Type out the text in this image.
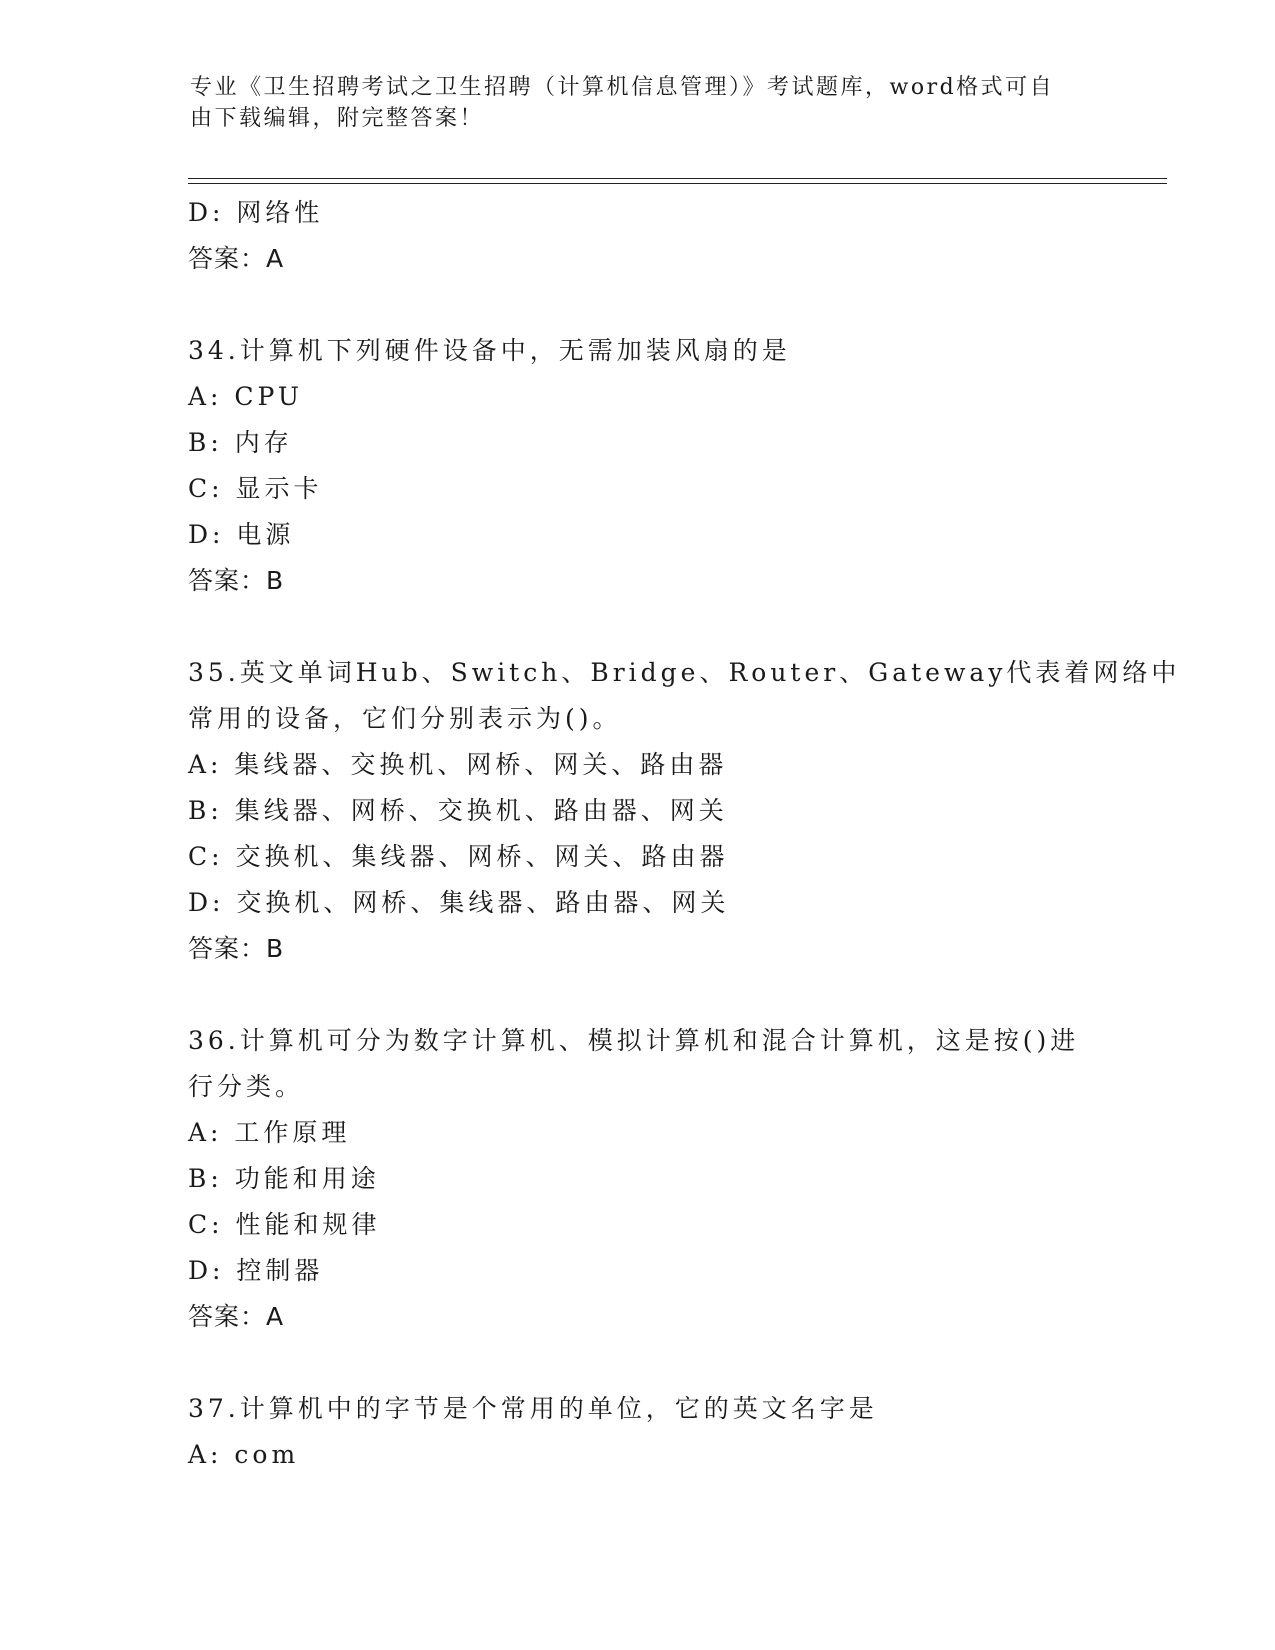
专业《卫生招聘考试之卫生招聘（计算机信息管理）》考试题库，word格式可自
由下载编辑，附完整答案！
D: 网络性
答案：A
34.计算机下列硬件设备中，无需加装风扇的是
A: CPU
B: 内存
C: 显示卡
D: 电源
答案：B
35.英文单词Hub、Switch、Bridge、Router、Gateway代表着网络中
常用的设备，它们分别表示为()。
A: 集线器、交换机、网桥、网关、路由器
B: 集线器、网桥、交换机、路由器、网关
C: 交换机、集线器、网桥、网关、路由器
D: 交换机、网桥、集线器、路由器、网关
答案：B
36.计算机可分为数字计算机、模拟计算机和混合计算机，这是按()进
行分类。
A: 工作原理
B: 功能和用途
C: 性能和规律
D: 控制器
答案：A
37.计算机中的字节是个常用的单位，它的英文名字是
A: com
